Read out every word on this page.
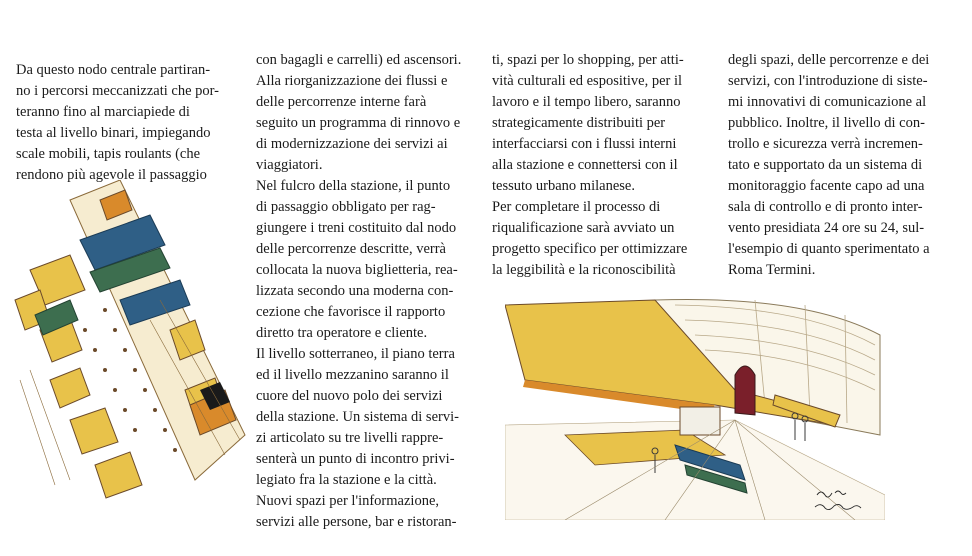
Da questo nodo centrale partiran-
no i percorsi meccanizzati che por-
teranno fino al marciapiede di
testa al livello binari, impiegando
scale mobili, tapis roulants (che
rendono più agevole il passaggio
con bagagli e carrelli) ed ascensori.
Alla riorganizzazione dei flussi e
delle percorrenze interne farà
seguito un programma di rinnovo e
di modernizzazione dei servizi ai
viaggiatori.
Nel fulcro della stazione, il punto
di passaggio obbligato per rag-
giungere i treni costituito dal nodo
delle percorrenze descritte, verrà
collocata la nuova biglietteria, rea-
lizzata secondo una moderna con-
cezione che favorisce il rapporto
diretto tra operatore e cliente.
Il livello sotterraneo, il piano terra
ed il livello mezzanino saranno il
cuore del nuovo polo dei servizi
della stazione. Un sistema di servi-
zi articolato su tre livelli rappre-
senterà un punto di incontro privi-
legiato fra la stazione e la città.
Nuovi spazi per l'informazione,
servizi alle persone, bar e ristoran-
ti, spazi per lo shopping, per atti-
vità culturali ed espositive, per il
lavoro e il tempo libero, saranno
strategicamente distribuiti per
interfacciarsi con i flussi interni
alla stazione e connettersi con il
tessuto urbano milanese.
Per completare il processo di
riqualificazione sarà avviato un
progetto specifico per ottimizzare
la leggibilità e la riconoscibilità
degli spazi, delle percorrenze e dei
servizi, con l'introduzione di siste-
mi innovativi di comunicazione al
pubblico. Inoltre, il livello di con-
trollo e sicurezza verrà incremen-
tato e supportato da un sistema di
monitoraggio facente capo ad una
sala di controllo e di pronto inter-
vento presidiata 24 ore su 24, sul-
l'esempio di quanto sperimentato a
Roma Termini.
